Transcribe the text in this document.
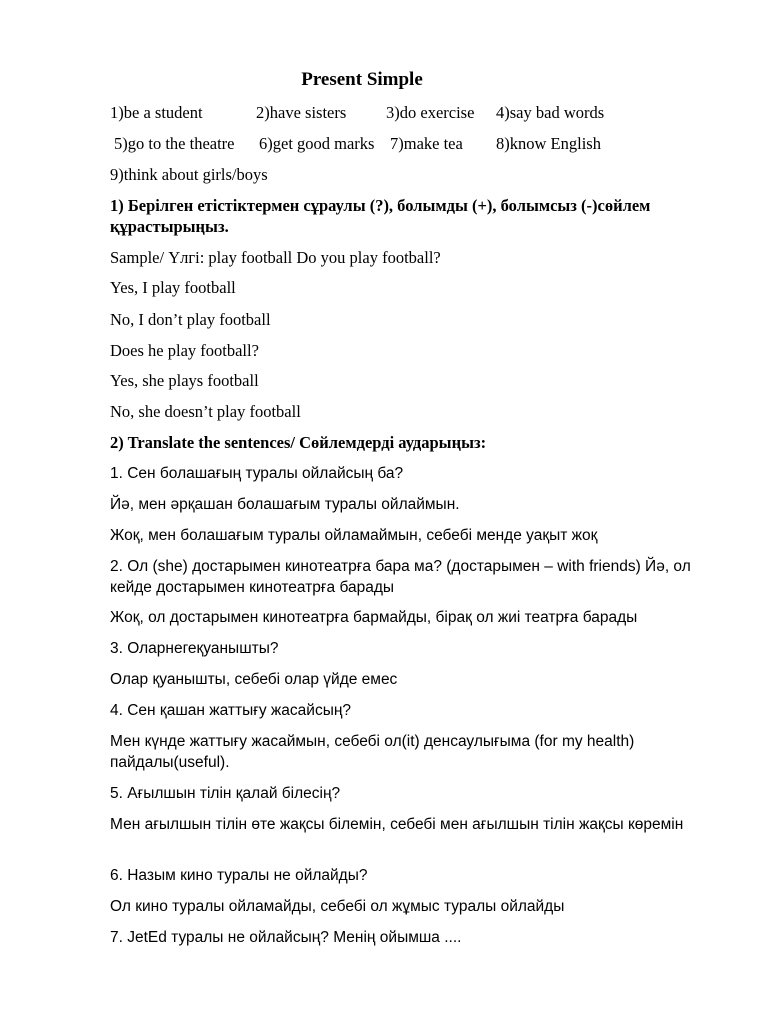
Present Simple
1)be a student	2)have sisters 3)do exercise 4)say bad words
5)go to the theatre 6)get good marks 7)make tea 8)know English
9)think about girls/boys
1) Берілген етістіктермен сұраулы (?), болымды (+), болымсыз (-)сөйлем құрастырыңыз.
Sample/ Үлгі: play football Do you play football?
Yes, I play football
No, I don’t play football
Does he play football?
Yes, she plays football
No, she doesn’t play football
2) Translate the sentences/ Сөйлемдерді аударыңыз:
1. Сен болашағың туралы ойлайсың ба?
Йә, мен әрқашан болашағым туралы ойлаймын.
Жоқ, мен болашағым туралы ойламаймын, себебі менде уақыт жоқ
2. Ол (she) достарымен кинотеатрға бара ма? (достарымен – with friends) Йә, ол кейде достарымен кинотеатрға барады
Жоқ, ол достарымен кинотеатрға бармайды, бірақ ол жиі театрға барады
3. Оларнегеқуанышты?
Олар қуанышты, себебі олар үйде емес
4. Сен қашан жаттығу жасайсың?
Мен күнде жаттығу жасаймын, себебі ол(it) денсаулығыма (for my health) пайдалы(useful).
5. Ағылшын тілін қалай білесің?
Мен ағылшын тілін өте жақсы білемін, себебі мен ағылшын тілін жақсы көремін
6. Назым кино туралы не ойлайды?
Ол кино туралы ойламайды, себебі ол жұмыс туралы ойлайды
7. JetEd туралы не ойлайсың? Менің ойымша ....
